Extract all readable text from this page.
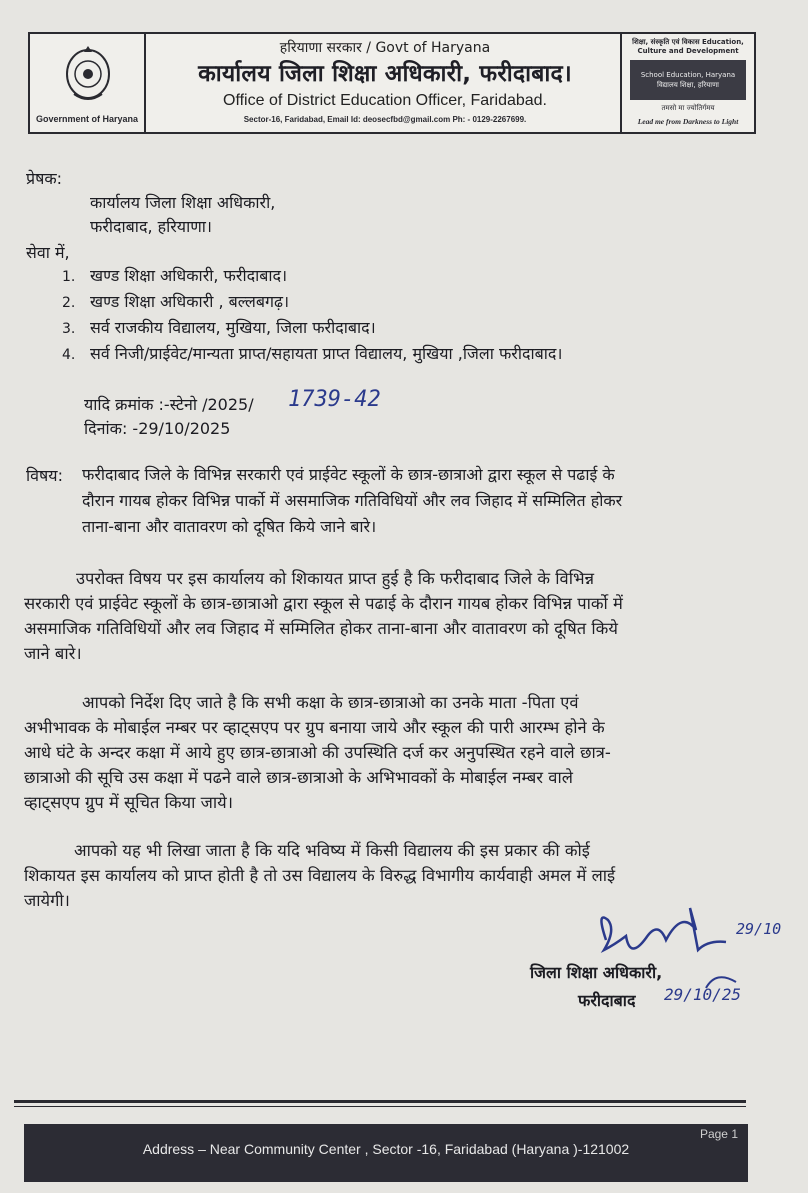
Government of Haryana
हरियाणा सरकार / Govt of Haryana
कार्यालय जिला शिक्षा अधिकारी, फरीदाबाद।
Office of District Education Officer, Faridabad.
Sector-16, Faridabad, Email Id: deosecfbd@gmail.com Ph: - 0129-2267699.
शिक्षा, संस्कृति एवं विकास Education, Culture and Development
School Education, Haryana विद्यालय शिक्षा, हरियाणा
तमसो मा ज्योतिर्गमय
Lead me from Darkness to Light
प्रेषक:
कार्यालय जिला शिक्षा अधिकारी,
फरीदाबाद, हरियाणा।
सेवा में,
1. खण्ड शिक्षा अधिकारी, फरीदाबाद।
2. खण्ड शिक्षा अधिकारी , बल्लबगढ़।
3. सर्व राजकीय विद्यालय, मुखिया, जिला फरीदाबाद।
4. सर्व निजी/प्राईवेट/मान्यता प्राप्त/सहायता प्राप्त विद्यालय, मुखिया ,जिला फरीदाबाद।
यादि क्रमांक :-स्टेनो /2025/ 1739-42
दिनांक: -29/10/2025
विषय: फरीदाबाद जिले के विभिन्न सरकारी एवं प्राईवेट स्कूलों के छात्र-छात्राओ द्वारा स्कूल से पढाई के
दौरान गायब होकर विभिन्न पार्को में असमाजिक गतिविधियों और लव जिहाद में सम्मिलित होकर
ताना-बाना और वातावरण को दूषित किये जाने बारे।
उपरोक्त विषय पर इस कार्यालय को शिकायत प्राप्त हुई है कि फरीदाबाद जिले के विभिन्न
सरकारी एवं प्राईवेट स्कूलों के छात्र-छात्राओ द्वारा स्कूल से पढाई के दौरान गायब होकर विभिन्न पार्को में
असमाजिक गतिविधियों और लव जिहाद में सम्मिलित होकर ताना-बाना और वातावरण को दूषित किये
जाने बारे।
आपको निर्देश दिए जाते है कि सभी कक्षा के छात्र-छात्राओ का उनके माता -पिता एवं
अभीभावक के मोबाईल नम्बर पर व्हाट्सएप पर ग्रुप बनाया जाये और स्कूल की पारी आरम्भ होने के
आधे घंटे के अन्दर कक्षा में आये हुए छात्र-छात्राओ की उपस्थिति दर्ज कर अनुपस्थित रहने वाले छात्र-
छात्राओ की सूचि उस कक्षा में पढने वाले छात्र-छात्राओ के अभिभावकों के मोबाईल नम्बर वाले
व्हाट्सएप ग्रुप में सूचित किया जाये।
आपको यह भी लिखा जाता है कि यदि भविष्य में किसी विद्यालय की इस प्रकार की कोई
शिकायत इस कार्यालय को प्राप्त होती है तो उस विद्यालय के विरुद्ध विभागीय कार्यवाही अमल में लाई
जायेगी।
29/10
जिला शिक्षा अधिकारी,
फरीदाबाद 29/10/25
Page 1
Address – Near Community Center , Sector -16, Faridabad (Haryana )-121002
